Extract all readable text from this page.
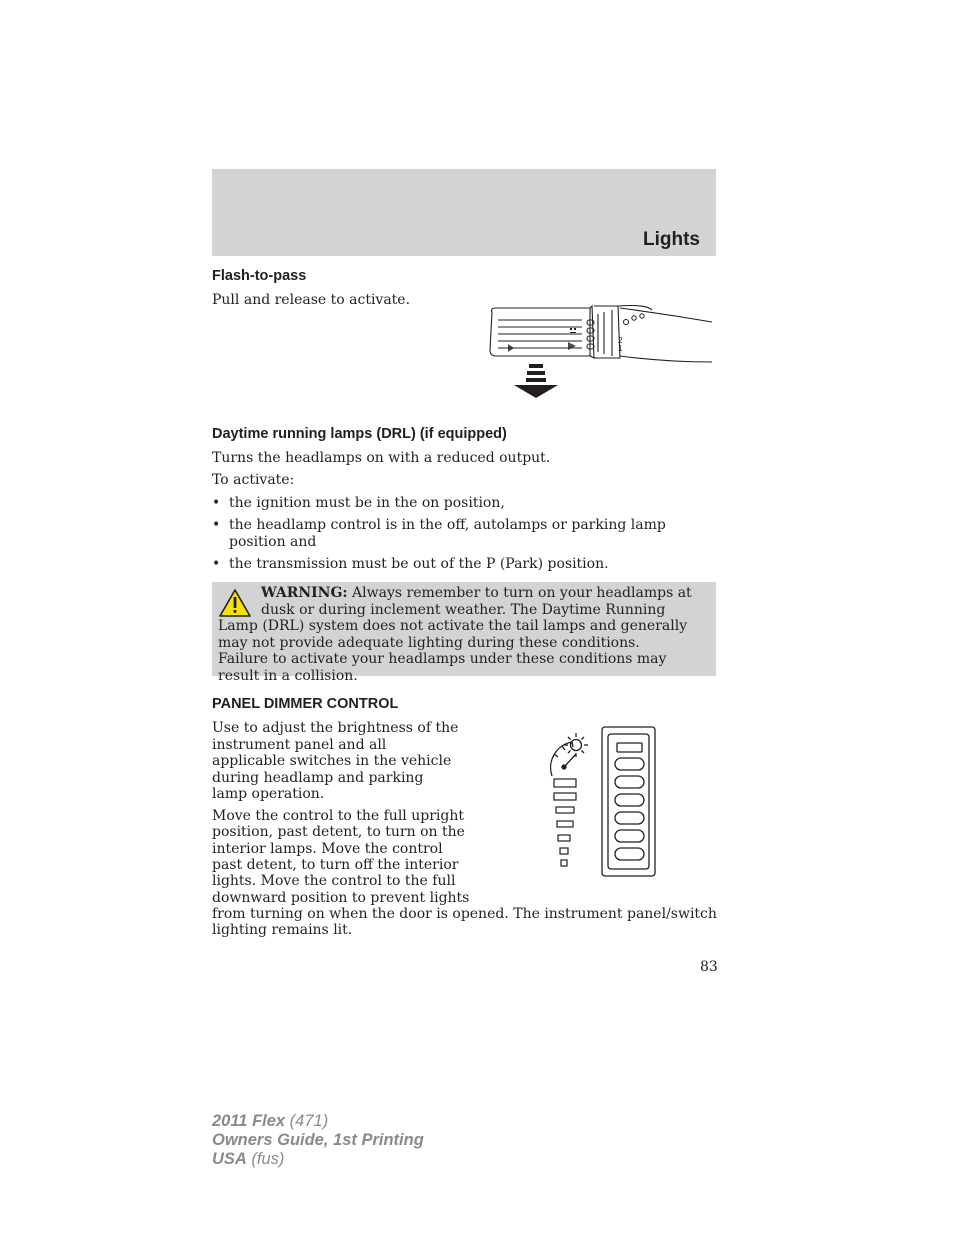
Lights
Flash-to-pass

Pull and release to activate.

2
1
Daytime running lamps (DRL) (if equipped)

Turns the headlamps on with a reduced output.

To activate:

• the ignition must be in the on position,
• the headlamp control is in the off, autolamps or parking lamp position and
• the transmission must be out of the P (Park) position.

WARNING: Always remember to turn on your headlamps at dusk or during inclement weather. The Daytime Running Lamp (DRL) system does not activate the tail lamps and generally may not provide adequate lighting during these conditions. Failure to activate your headlamps under these conditions may result in a collision.

PANEL DIMMER CONTROL

Use to adjust the brightness of the instrument panel and all applicable switches in the vehicle during headlamp and parking lamp operation.

Move the control to the full upright

position, past detent, to turn on the

interior lamps. Move the control

past detent, to turn off the interior

lights. Move the control to the full

downward position to prevent lights

from turning on when the door is opened. The instrument panel/switch

lighting remains lit.

83
2011 Flex (471)
Owners Guide, 1st Printing
USA (fus)
